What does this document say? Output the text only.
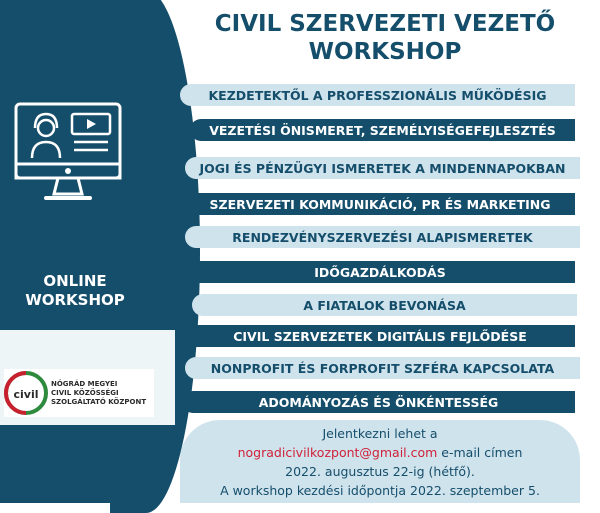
ONLINE
WORKSHOP
civil
NÓGRÁD MEGYEI
CIVIL KÖZÖSSÉGI
SZOLGÁLTATÓ KÖZPONT
CIVIL SZERVEZETI VEZETŐ
WORKSHOP
KEZDETEKTŐL A PROFESSZIONÁLIS MŰKÖDÉSIG
VEZETÉSI ÖNISMERET, SZEMÉLYISÉGEFEJLESZTÉS
JOGI ÉS PÉNZÜGYI ISMERETEK A MINDENNAPOKBAN
SZERVEZETI KOMMUNIKÁCIÓ, PR ÉS MARKETING
RENDEZVÉNYSZERVEZÉSI ALAPISMERETEK
IDŐGAZDÁLKODÁS
A FIATALOK BEVONÁSA
CIVIL SZERVEZETEK DIGITÁLIS FEJLŐDÉSE
NONPROFIT ÉS FORPROFIT SZFÉRA KAPCSOLATA
ADOMÁNYOZÁS ÉS ÖNKÉNTESSÉG
Jelentkezni lehet a
nogradicivilkozpont@gmail.com e-mail címen
2022. augusztus 22-ig (hétfő).
A workshop kezdési időpontja 2022. szeptember 5.
